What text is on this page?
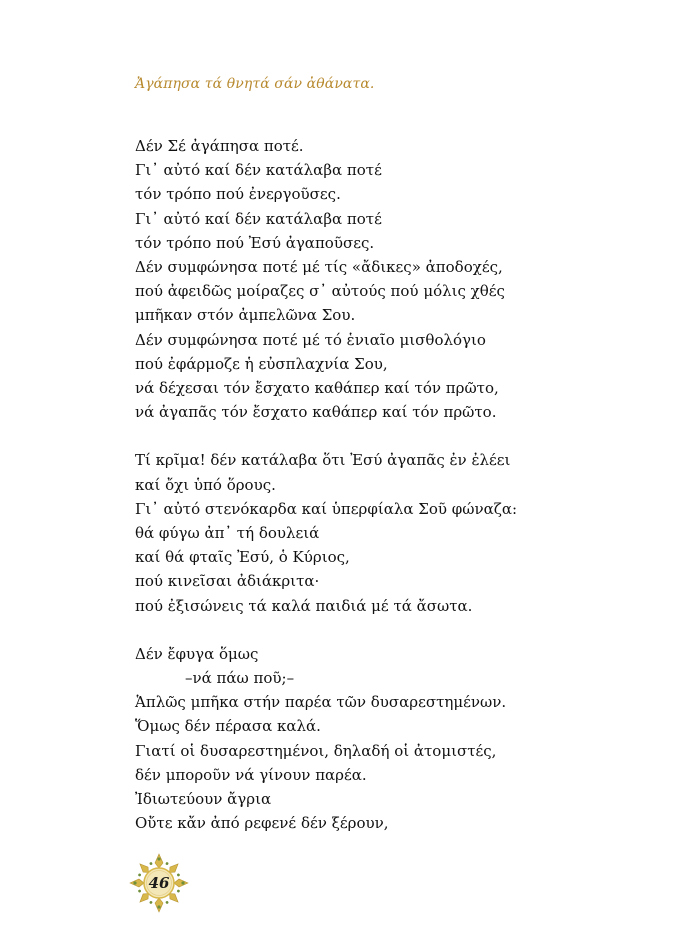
Ἀγάπησα τά θνητά σάν ἀθάνατα.
Δέν Σέ ἀγάπησα ποτέ.
Γι᾽ αὐτό καί δέν κατάλαβα ποτέ
τόν τρόπο πού ἐνεργοῦσες.
Γι᾽ αὐτό καί δέν κατάλαβα ποτέ
τόν τρόπο πού Ἐσύ ἀγαποῦσες.
Δέν συμφώνησα ποτέ μέ τίς «ἄδικες» ἀποδοχές,
πού ἀφειδῶς μοίραζες σ᾽ αὐτούς πού μόλις χθές
μπῆκαν στόν ἀμπελῶνα Σου.
Δέν συμφώνησα ποτέ μέ τό ἑνιαῖο μισθολόγιο
πού ἐφάρμοζε ἡ εὐσπλαχνία Σου,
νά δέχεσαι τόν ἔσχατο καθάπερ καί τόν πρῶτο,
νά ἀγαπᾶς τόν ἔσχατο καθάπερ καί τόν πρῶτο.
Τί κρῖμα! δέν κατάλαβα ὅτι Ἐσύ ἀγαπᾶς ἐν ἐλέει
καί ὄχι ὑπό ὅρους.
Γι᾽ αὐτό στενόκαρδα καί ὑπερφίαλα Σοῦ φώναζα:
θά φύγω ἀπ᾽ τή δουλειά
καί θά φταῖς Ἐσύ, ὁ Κύριος,
πού κινεῖσαι ἀδιάκριτα·
πού ἐξισώνεις τά καλά παιδιά μέ τά ἄσωτα.
Δέν ἔφυγα ὅμως
–νά πάω ποῦ;–
Ἁπλῶς μπῆκα στήν παρέα τῶν δυσαρεστημένων.
Ὅμως δέν πέρασα καλά.
Γιατί οἱ δυσαρεστημένοι, δηλαδή οἱ ἀτομιστές,
δέν μποροῦν νά γίνουν παρέα.
Ἰδιωτεύουν ἄγρια
Οὔτε κἄν ἀπό ρεφενέ δέν ξέρουν,
46
